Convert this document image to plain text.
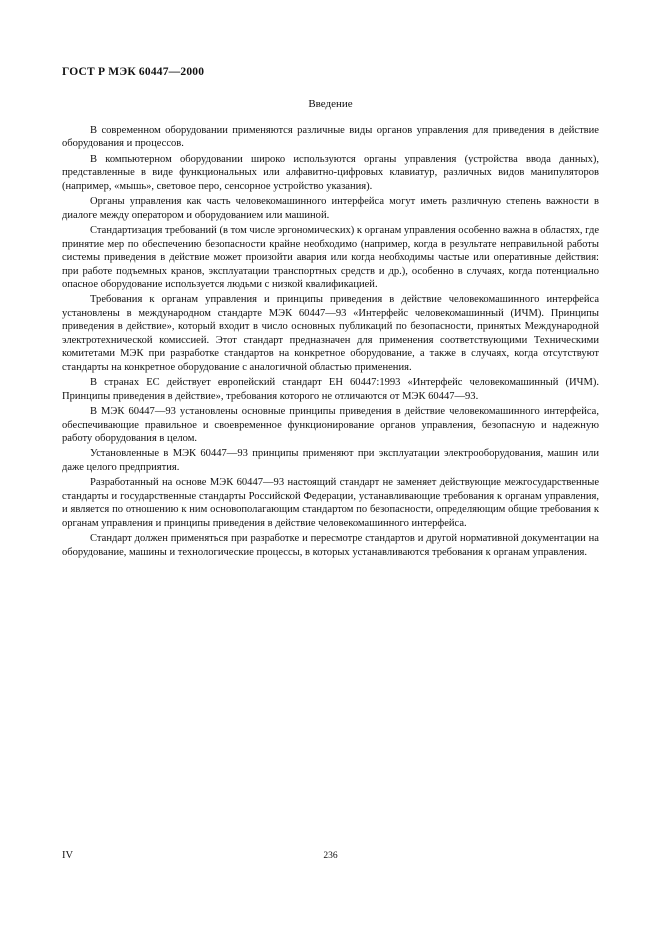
ГОСТ Р МЭК 60447—2000
Введение

В современном оборудовании применяются различные виды органов управления для приведения в действие оборудования и процессов.

В компьютерном оборудовании широко используются органы управления (устройства ввода данных), представленные в виде функциональных или алфавитно-цифровых клавиатур, различных видов манипуляторов (например, «мышь», световое перо, сенсорное устройство указания).

Органы управления как часть человекомашинного интерфейса могут иметь различную степень важности в диалоге между оператором и оборудованием или машиной.

Стандартизация требований (в том числе эргономических) к органам управления особенно важна в областях, где принятие мер по обеспечению безопасности крайне необходимо (например, когда в результате неправильной работы системы приведения в действие может произойти авария или когда необходимы частые или оперативные действия: при работе подъемных кранов, эксплуатации транспортных средств и др.), особенно в случаях, когда потенциально опасное оборудование используется людьми с низкой квалификацией.

Требования к органам управления и принципы приведения в действие человекомашинного интерфейса установлены в международном стандарте МЭК 60447—93 «Интерфейс человекомашинный (ИЧМ). Принципы приведения в действие», который входит в число основных публикаций по безопасности, принятых Международной электротехнической комиссией. Этот стандарт предназначен для применения соответствующими Техническими комитетами МЭК при разработке стандартов на конкретное оборудование, а также в случаях, когда отсутствуют стандарты на конкретное оборудование с аналогичной областью применения.

В странах ЕС действует европейский стандарт ЕН 60447:1993 «Интерфейс человекомашинный (ИЧМ). Принципы приведения в действие», требования которого не отличаются от МЭК 60447—93.

В МЭК 60447—93 установлены основные принципы приведения в действие человекомашинного интерфейса, обеспечивающие правильное и своевременное функционирование органов управления, безопасную и надежную работу оборудования в целом.

Установленные в МЭК 60447—93 принципы применяют при эксплуатации электрооборудования, машин или даже целого предприятия.

Разработанный на основе МЭК 60447—93 настоящий стандарт не заменяет действующие межгосударственные стандарты и государственные стандарты Российской Федерации, устанавливающие требования к органам управления, и является по отношению к ним основополагающим стандартом по безопасности, определяющим общие требования к органам управления и принципы приведения в действие человекомашинного интерфейса.

Стандарт должен применяться при разработке и пересмотре стандартов и другой нормативной документации на оборудование, машины и технологические процессы, в которых устанавливаются требования к органам управления.

IV	236
